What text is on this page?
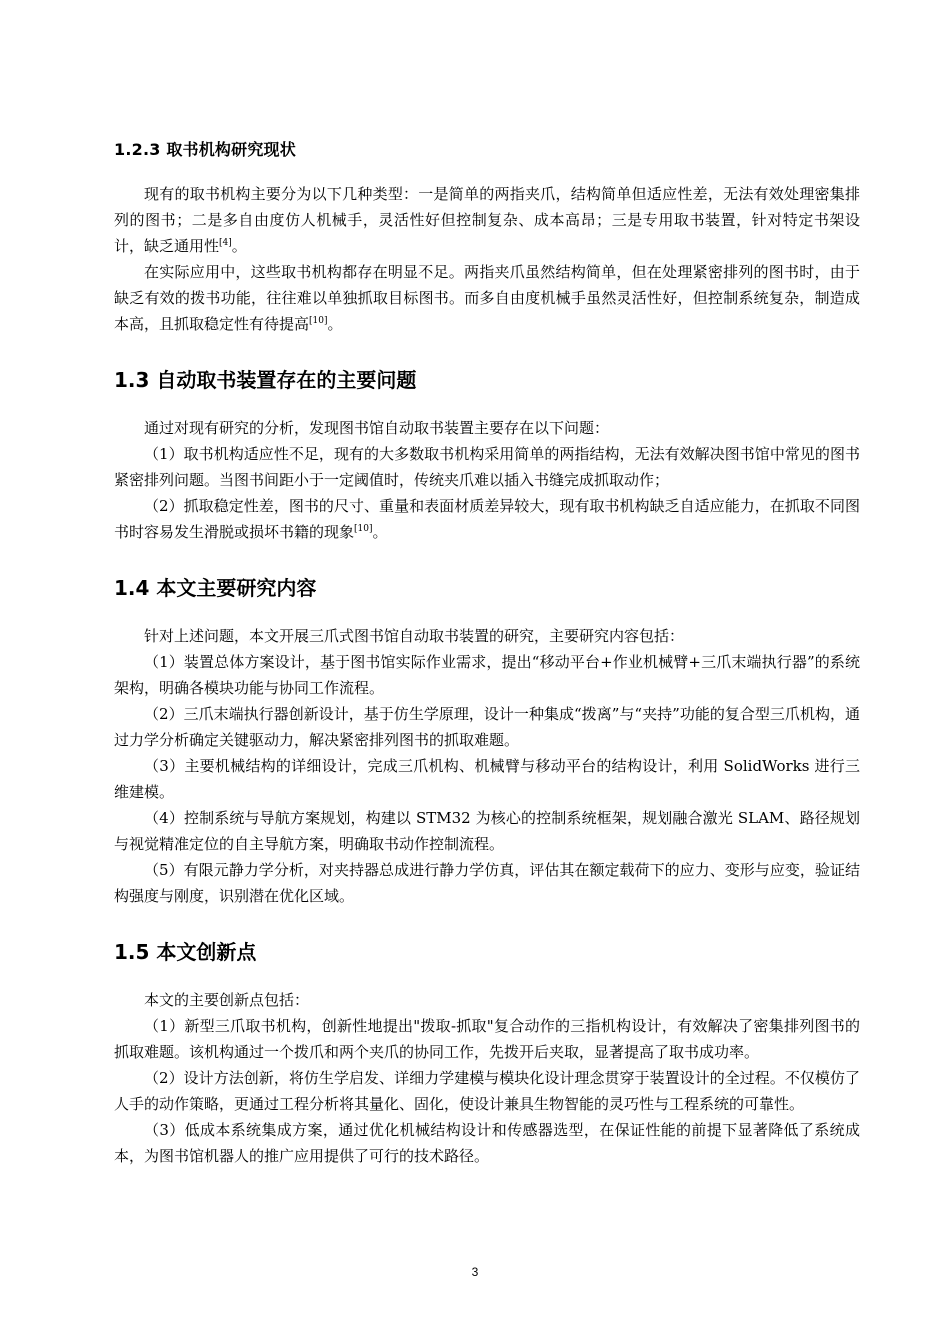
1.2.3 取书机构研究现状

现有的取书机构主要分为以下几种类型：一是简单的两指夹爪，结构简单但适应性差，无法有效处理密集排列的图书；二是多自由度仿人机械手，灵活性好但控制复杂、成本高昂；三是专用取书装置，针对特定书架设计，缺乏通用性[4]。

在实际应用中，这些取书机构都存在明显不足。两指夹爪虽然结构简单，但在处理紧密排列的图书时，由于缺乏有效的拨书功能，往往难以单独抓取目标图书。而多自由度机械手虽然灵活性好，但控制系统复杂，制造成本高，且抓取稳定性有待提高[10]。

1.3 自动取书装置存在的主要问题

通过对现有研究的分析，发现图书馆自动取书装置主要存在以下问题：

（1）取书机构适应性不足，现有的大多数取书机构采用简单的两指结构，无法有效解决图书馆中常见的图书紧密排列问题。当图书间距小于一定阈值时，传统夹爪难以插入书缝完成抓取动作；

（2）抓取稳定性差，图书的尺寸、重量和表面材质差异较大，现有取书机构缺乏自适应能力，在抓取不同图书时容易发生滑脱或损坏书籍的现象[10]。

1.4 本文主要研究内容

针对上述问题，本文开展三爪式图书馆自动取书装置的研究，主要研究内容包括：

（1）装置总体方案设计，基于图书馆实际作业需求，提出“移动平台+作业机械臂+三爪末端执行器”的系统架构，明确各模块功能与协同工作流程。

（2）三爪末端执行器创新设计，基于仿生学原理，设计一种集成“拨离”与“夹持”功能的复合型三爪机构，通过力学分析确定关键驱动力，解决紧密排列图书的抓取难题。

（3）主要机械结构的详细设计，完成三爪机构、机械臂与移动平台的结构设计，利用 SolidWorks 进行三维建模。

（4）控制系统与导航方案规划，构建以 STM32 为核心的控制系统框架，规划融合激光 SLAM、路径规划与视觉精准定位的自主导航方案，明确取书动作控制流程。

（5）有限元静力学分析，对夹持器总成进行静力学仿真，评估其在额定载荷下的应力、变形与应变，验证结构强度与刚度，识别潜在优化区域。

1.5 本文创新点

本文的主要创新点包括：

（1）新型三爪取书机构，创新性地提出"拨取-抓取"复合动作的三指机构设计，有效解决了密集排列图书的抓取难题。该机构通过一个拨爪和两个夹爪的协同工作，先拨开后夹取，显著提高了取书成功率。

（2）设计方法创新，将仿生学启发、详细力学建模与模块化设计理念贯穿于装置设计的全过程。不仅模仿了人手的动作策略，更通过工程分析将其量化、固化，使设计兼具生物智能的灵巧性与工程系统的可靠性。

（3）低成本系统集成方案，通过优化机械结构设计和传感器选型，在保证性能的前提下显著降低了系统成本，为图书馆机器人的推广应用提供了可行的技术路径。

3
